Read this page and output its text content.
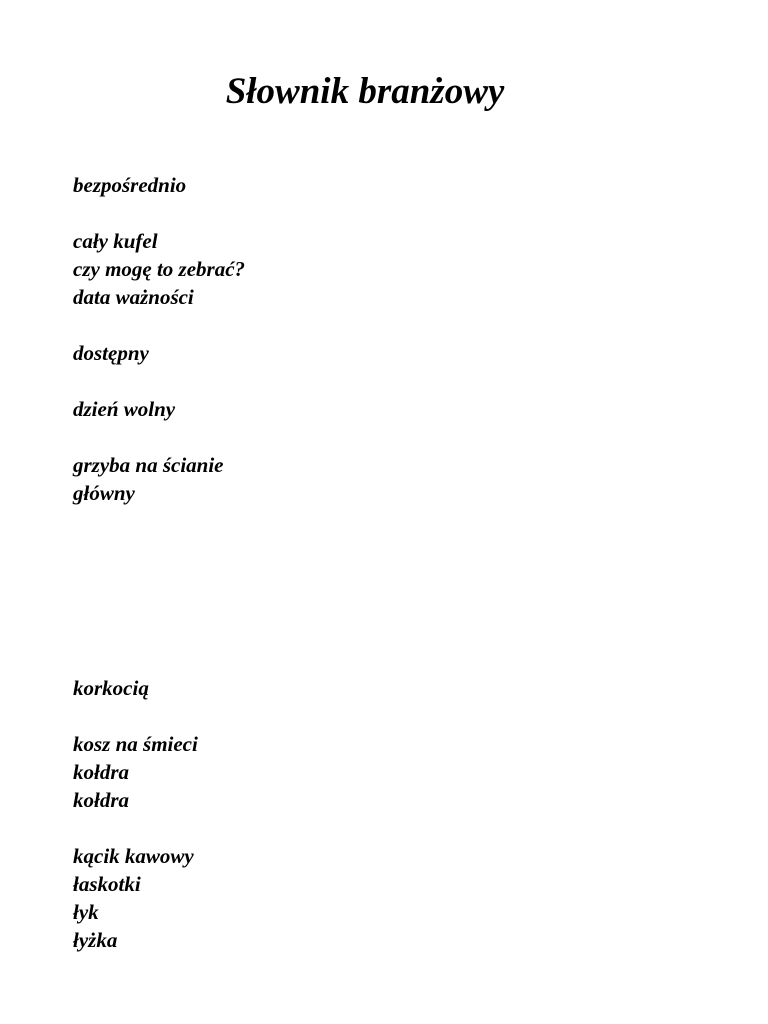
Słownik branżowy

bezpośrednio

cały kufel

czy mogę to zebrać?

data ważności

dostępny

dzień wolny

grzyba na ścianie

główny

korkocią

kosz na śmieci

kołdra

kołdra

kącik kawowy

łaskotki

łyk

łyżka
